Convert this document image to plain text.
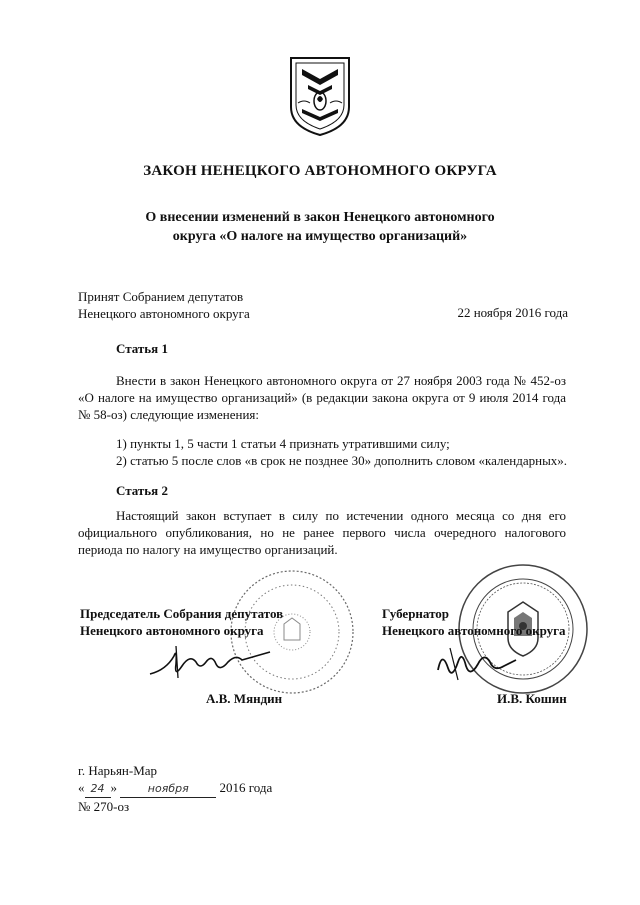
ЗАКОН НЕНЕЦКОГО АВТОНОМНОГО ОКРУГА
О внесении изменений в закон Ненецкого автономного
округа «О налоге на имущество организаций»
Принят Собранием депутатов
Ненецкого автономного округа	22 ноября 2016 года
Статья 1
Внести в закон Ненецкого автономного округа от 27 ноября 2003 года № 452-оз «О налоге на имущество организаций» (в редакции закона округа от 9 июля 2014 года № 58-оз) следующие изменения:
1) пункты 1, 5 части 1 статьи 4 признать утратившими силу;
2) статью 5 после слов «в срок не позднее 30» дополнить словом «календарных».
Статья 2
Настоящий закон вступает в силу по истечении одного месяца со дня его официального опубликования, но не ранее первого числа очередного налогового периода по налогу на имущество организаций.
Председатель Собрания депутатов
Ненецкого автономного округа
Губернатор
Ненецкого автономного округа
А.В. Мяндин	И.В. Кошин
г. Нарьян-Мар
« 24 »	ноября 2016 года
№ 270-оз
